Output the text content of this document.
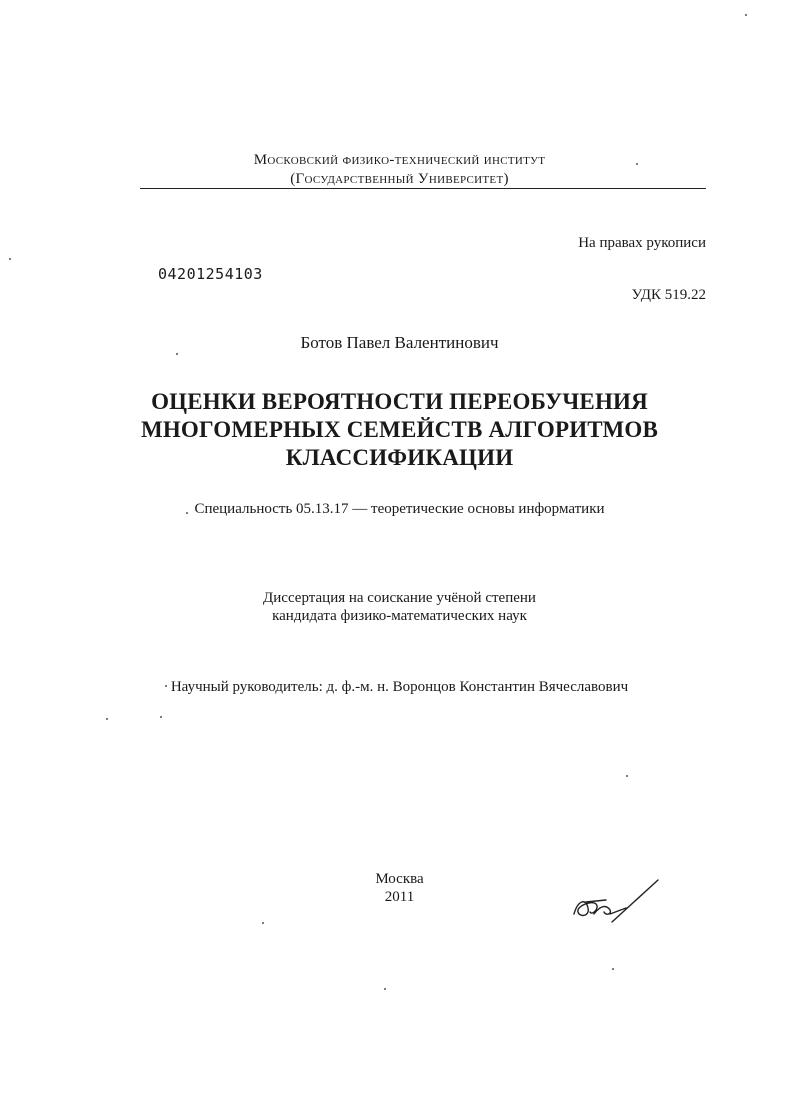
Московский физико-технический институт
(Государственный Университет)
На правах рукописи
04201254103
УДК 519.22
Ботов Павел Валентинович
ОЦЕНКИ ВЕРОЯТНОСТИ ПЕРЕОБУЧЕНИЯ
МНОГОМЕРНЫХ СЕМЕЙСТВ АЛГОРИТМОВ
КЛАССИФИКАЦИИ
Специальность 05.13.17 — теоретические основы информатики
Диссертация на соискание учёной степени
кандидата физико-математических наук
Научный руководитель: д. ф.-м. н. Воронцов Константин Вячеславович
Москва
2011
